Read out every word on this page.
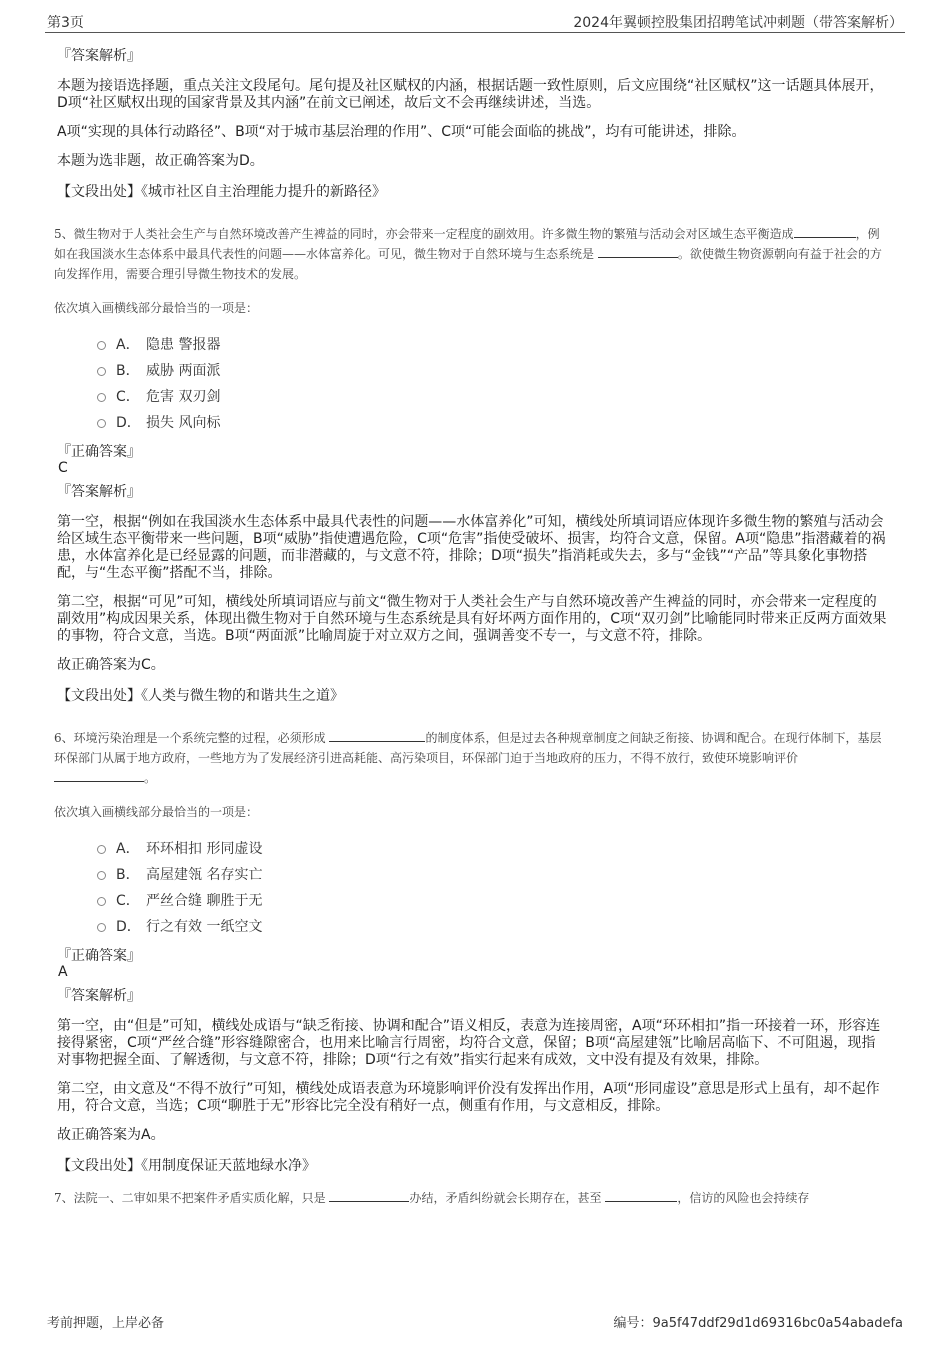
第3页	2024年翼顿控股集团招聘笔试冲刺题（带答案解析）
『答案解析』

本题为接语选择题，重点关注文段尾句。尾句提及社区赋权的内涵，根据话题一致性原则，后文应围绕“社区赋权”这一话题具体展开，D项“社区赋权出现的国家背景及其内涵”在前文已阐述，故后文不会再继续讲述，当选。

A项“实现的具体行动路径”、B项“对于城市基层治理的作用”、C项“可能会面临的挑战”，均有可能讲述，排除。

本题为选非题，故正确答案为D。

【文段出处】《城市社区自主治理能力提升的新路径》
5、微生物对于人类社会生产与自然环境改善产生裨益的同时，亦会带来一定程度的副效用。许多微生物的繁殖与活动会对区域生态平衡造成	，例如在我国淡水生态体系中最具代表性的问题——水体富养化。可见，微生物对于自然环境与生态系统是	。欲使微生物资源朝向有益于社会的方向发挥作用，需要合理引导微生物技术的发展。
依次填入画横线部分最恰当的一项是：
A． 隐患 警报器
B． 威胁 两面派
C． 危害 双刃剑
D． 损失 风向标
『正确答案』
C
『答案解析』

第一空，根据“例如在我国淡水生态体系中最具代表性的问题——水体富养化”可知，横线处所填词语应体现许多微生物的繁殖与活动会给区域生态平衡带来一些问题，B项“威胁”指使遭遇危险，C项“危害”指使受破坏、损害，均符合文意，保留。A项“隐患”指潜藏着的祸患，水体富养化是已经显露的问题，而非潜藏的，与文意不符，排除；D项“损失”指消耗或失去，多与“金钱”“产品”等具象化事物搭配，与“生态平衡”搭配不当，排除。

第二空，根据“可见”可知，横线处所填词语应与前文“微生物对于人类社会生产与自然环境改善产生裨益的同时，亦会带来一定程度的副效用”构成因果关系，体现出微生物对于自然环境与生态系统是具有好坏两方面作用的，C项“双刃剑”比喻能同时带来正反两方面效果的事物，符合文意，当选。B项“两面派”比喻周旋于对立双方之间，强调善变不专一，与文意不符，排除。

故正确答案为C。

【文段出处】《人类与微生物的和谐共生之道》
6、环境污染治理是一个系统完整的过程，必须形成	的制度体系，但是过去各种规章制度之间缺乏衔接、协调和配合。在现行体制下，基层环保部门从属于地方政府，一些地方为了发展经济引进高耗能、高污染项目，环保部门迫于当地政府的压力，不得不放行，致使环境影响评价 。
依次填入画横线部分最恰当的一项是：
A． 环环相扣 形同虚设
B． 高屋建瓴 名存实亡
C． 严丝合缝 聊胜于无
D． 行之有效 一纸空文
『正确答案』
A
『答案解析』

第一空，由“但是”可知，横线处成语与“缺乏衔接、协调和配合”语义相反，表意为连接周密，A项“环环相扣”指一环接着一环，形容连接得紧密，C项“严丝合缝”形容缝隙密合，也用来比喻言行周密，均符合文意，保留；B项“高屋建瓴”比喻居高临下、不可阻遏，现指对事物把握全面、了解透彻，与文意不符，排除；D项“行之有效”指实行起来有成效，文中没有提及有效果，排除。

第二空，由文意及“不得不放行”可知，横线处成语表意为环境影响评价没有发挥出作用，A项“形同虚设”意思是形式上虽有，却不起作用，符合文意，当选；C项“聊胜于无”形容比完全没有稍好一点，侧重有作用，与文意相反，排除。

故正确答案为A。

【文段出处】《用制度保证天蓝地绿水净》
7、法院一、二审如果不把案件矛盾实质化解，只是	办结，矛盾纠纷就会长期存在，甚至	，信访的风险也会持续存
考前押题，上岸必备	编号：9a5f47ddf29d1d69316bc0a54abadefa
